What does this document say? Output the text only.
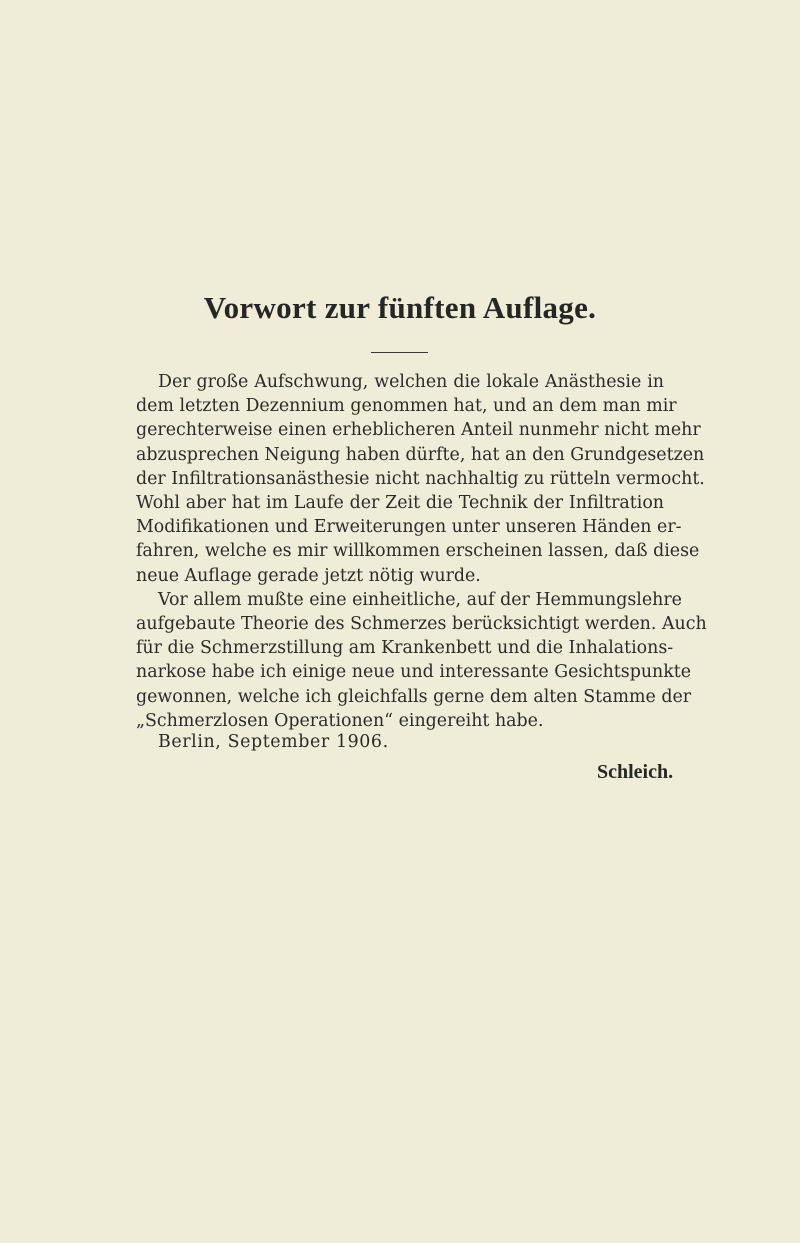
Vorwort zur fünften Auflage.
Der große Aufschwung, welchen die lokale Anästhesie in
dem letzten Dezennium genommen hat, und an dem man mir
gerechterweise einen erheblicheren Anteil nunmehr nicht mehr
abzusprechen Neigung haben dürfte, hat an den Grundgesetzen
der Infiltrationsanästhesie nicht nachhaltig zu rütteln vermocht.
Wohl aber hat im Laufe der Zeit die Technik der Infiltration
Modifikationen und Erweiterungen unter unseren Händen er-
fahren, welche es mir willkommen erscheinen lassen, daß diese
neue Auflage gerade jetzt nötig wurde.
Vor allem mußte eine einheitliche, auf der Hemmungslehre
aufgebaute Theorie des Schmerzes berücksichtigt werden. Auch
für die Schmerzstillung am Krankenbett und die Inhalations-
narkose habe ich einige neue und interessante Gesichtspunkte
gewonnen, welche ich gleichfalls gerne dem alten Stamme der
„Schmerzlosen Operationen“ eingereiht habe.
Berlin, September 1906.
Schleich.
